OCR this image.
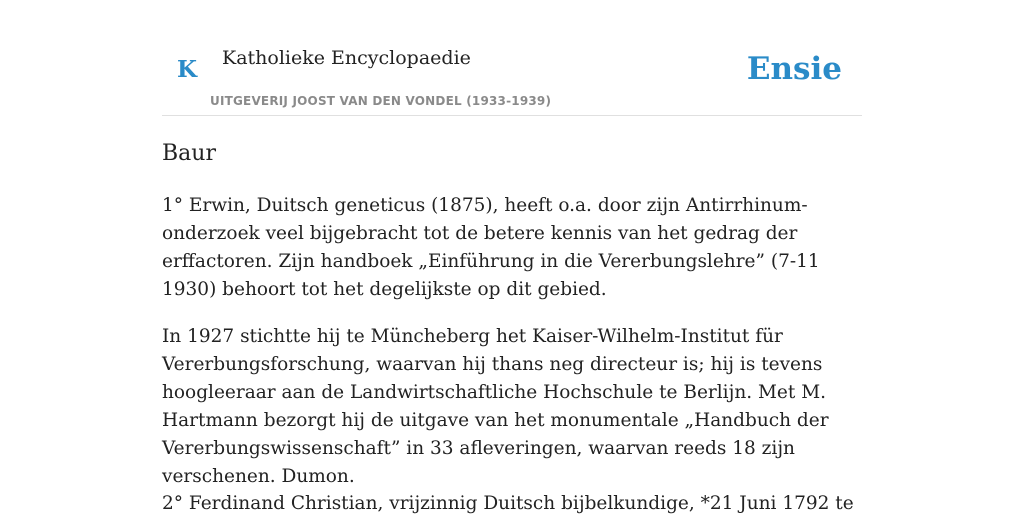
K Katholieke Encyclopaedie
UITGEVERIJ JOOST VAN DEN VONDEL (1933-1939)
Ensie
Baur

1° Erwin, Duitsch geneticus (1875), heeft o.a. door zijn Antirrhinum-onderzoek veel bijgebracht tot de betere kennis van het gedrag der erffactoren. Zijn handboek „Einführung in die Vererbungslehre” (7-11 1930) behoort tot het degelijkste op dit gebied.

In 1927 stichtte hij te Müncheberg het Kaiser-Wilhelm-Institut für Vererbungsforschung, waarvan hij thans neg directeur is; hij is tevens hoogleeraar aan de Landwirtschaftliche Hochschule te Berlijn. Met M. Hartmann bezorgt hij de uitgave van het monumentale „Handbuch der Vererbungswissenschaft” in 33 afleveringen, waarvan reeds 18 zijn verschenen. Dumon.

2° Ferdinand Christian, vrijzinnig Duitsch bijbelkundige, *21 Juni 1792 te
